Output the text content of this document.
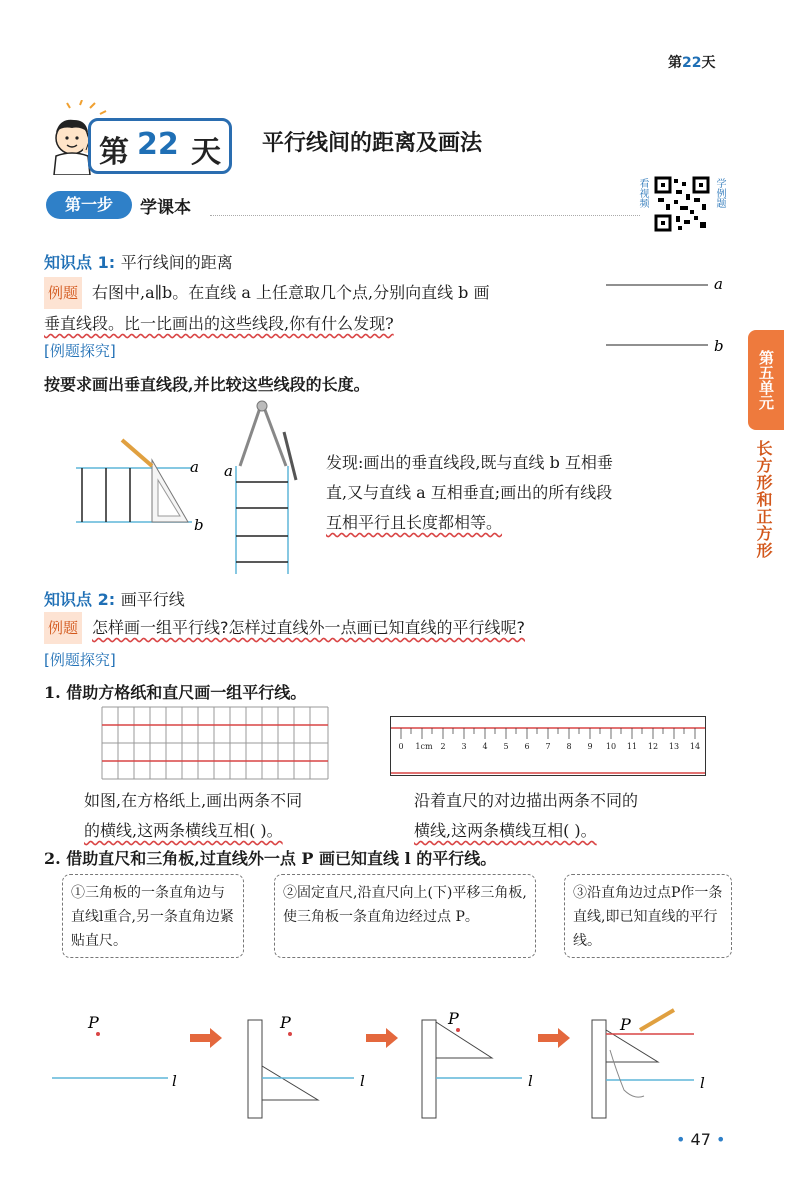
第22天
第 22 天 平行线间的距离及画法
第一步	学课本	看视频	学例题
知识点 1: 平行线间的距离
例题 右图中,a∥b。在直线 a 上任意取几个点,分别向直线 b 画
垂直线段。比一比画出的这些线段,你有什么发现?
a
b
[例题探究]
按要求画出垂直线段,并比较这些线段的长度。
a
b
a	发现:画出的垂直线段,既与直线 b 互相垂
直,又与直线 a 互相垂直;画出的所有线段
互相平行且长度都相等。
第五单元
长方形和正方形
知识点 2: 画平行线
例题 怎样画一组平行线?怎样过直线外一点画已知直线的平行线呢?
[例题探究]
1. 借助方格纸和直尺画一组平行线。
0 1cm 2 3 4 5 6 7 8 9 10 11 12 13 14
如图,在方格纸上,画出两条不同
的横线,这两条横线互相( )。
沿着直尺的对边描出两条不同的
横线,这两条横线互相( )。
2. 借助直尺和三角板,过直线外一点 P 画已知直线 l 的平行线。
①三角板的一条直角边与直线l重合,另一条直角边紧贴直尺。
②固定直尺,沿直尺向上(下)平移三角板,使三角板一条直角边经过点 P。
③沿直角边过点P作一条直线,即已知直线的平行线。
P
l
P
l
P
l
P
l
• 47 •
